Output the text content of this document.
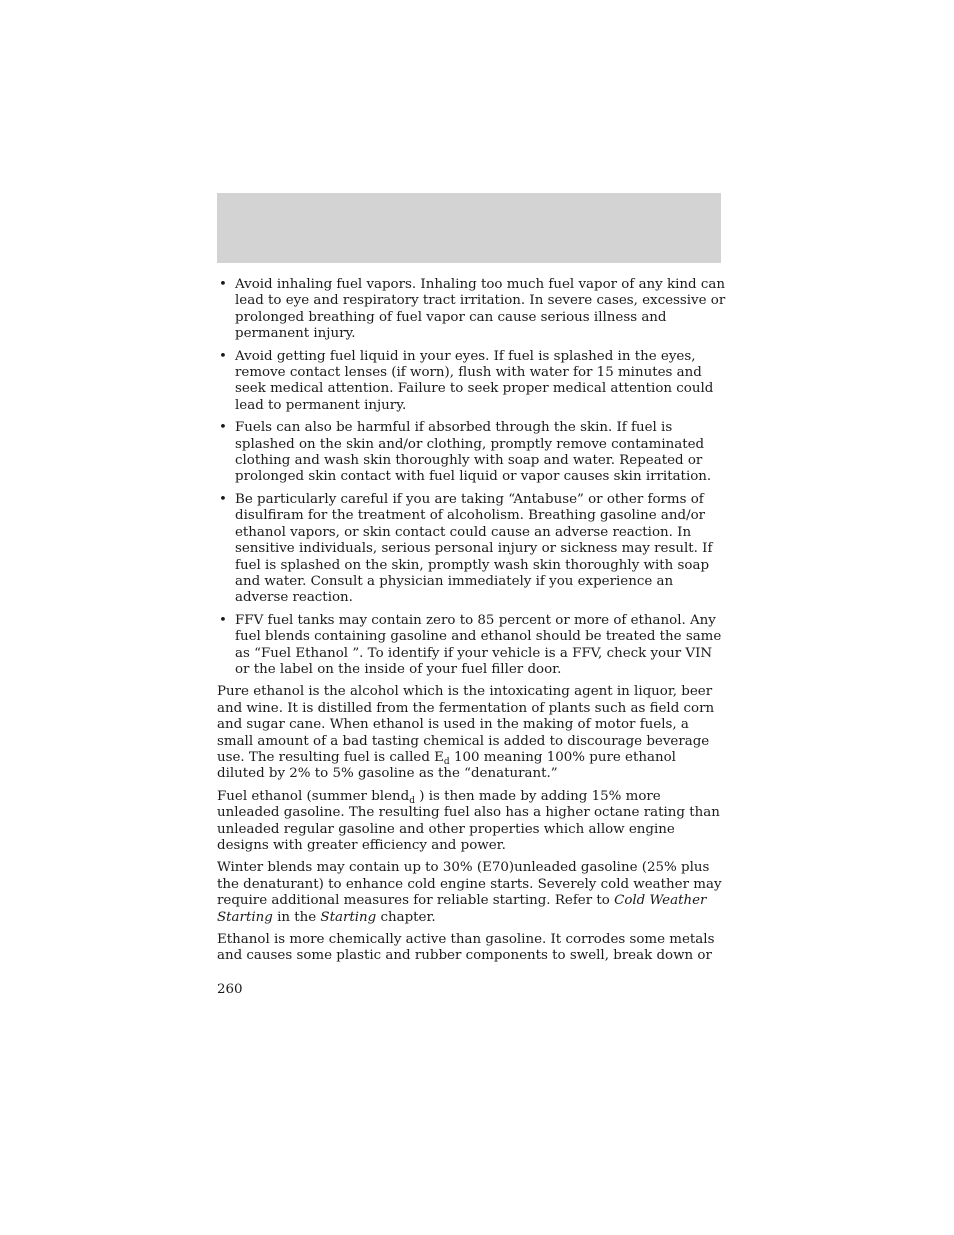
• Avoid inhaling fuel vapors. Inhaling too much fuel vapor of any kind can lead to eye and respiratory tract irritation. In severe cases, excessive or prolonged breathing of fuel vapor can cause serious illness and permanent injury.
• Avoid getting fuel liquid in your eyes. If fuel is splashed in the eyes, remove contact lenses (if worn), flush with water for 15 minutes and seek medical attention. Failure to seek proper medical attention could lead to permanent injury.
• Fuels can also be harmful if absorbed through the skin. If fuel is splashed on the skin and/or clothing, promptly remove contaminated clothing and wash skin thoroughly with soap and water. Repeated or prolonged skin contact with fuel liquid or vapor causes skin irritation.
• Be particularly careful if you are taking “Antabuse” or other forms of disulfiram for the treatment of alcoholism. Breathing gasoline and/or ethanol vapors, or skin contact could cause an adverse reaction. In sensitive individuals, serious personal injury or sickness may result. If fuel is splashed on the skin, promptly wash skin thoroughly with soap and water. Consult a physician immediately if you experience an adverse reaction.
• FFV fuel tanks may contain zero to 85 percent or more of ethanol. Any fuel blends containing gasoline and ethanol should be treated the same as “Fuel Ethanol ”. To identify if your vehicle is a FFV, check your VIN or the label on the inside of your fuel filler door.

Pure ethanol is the alcohol which is the intoxicating agent in liquor, beer and wine. It is distilled from the fermentation of plants such as field corn and sugar cane. When ethanol is used in the making of motor fuels, a small amount of a bad tasting chemical is added to discourage beverage use. The resulting fuel is called $E_d$ 100 meaning 100% pure ethanol diluted by 2% to 5% gasoline as the “denaturant.”

Fuel ethanol (summer blend$_d$ ) is then made by adding 15% more unleaded gasoline. The resulting fuel also has a higher octane rating than unleaded regular gasoline and other properties which allow engine designs with greater efficiency and power.

Winter blends may contain up to 30% (E70)unleaded gasoline (25% plus the denaturant) to enhance cold engine starts. Severely cold weather may require additional measures for reliable starting. Refer to Cold Weather Starting in the Starting chapter.

Ethanol is more chemically active than gasoline. It corrodes some metals and causes some plastic and rubber components to swell, break down or

260
